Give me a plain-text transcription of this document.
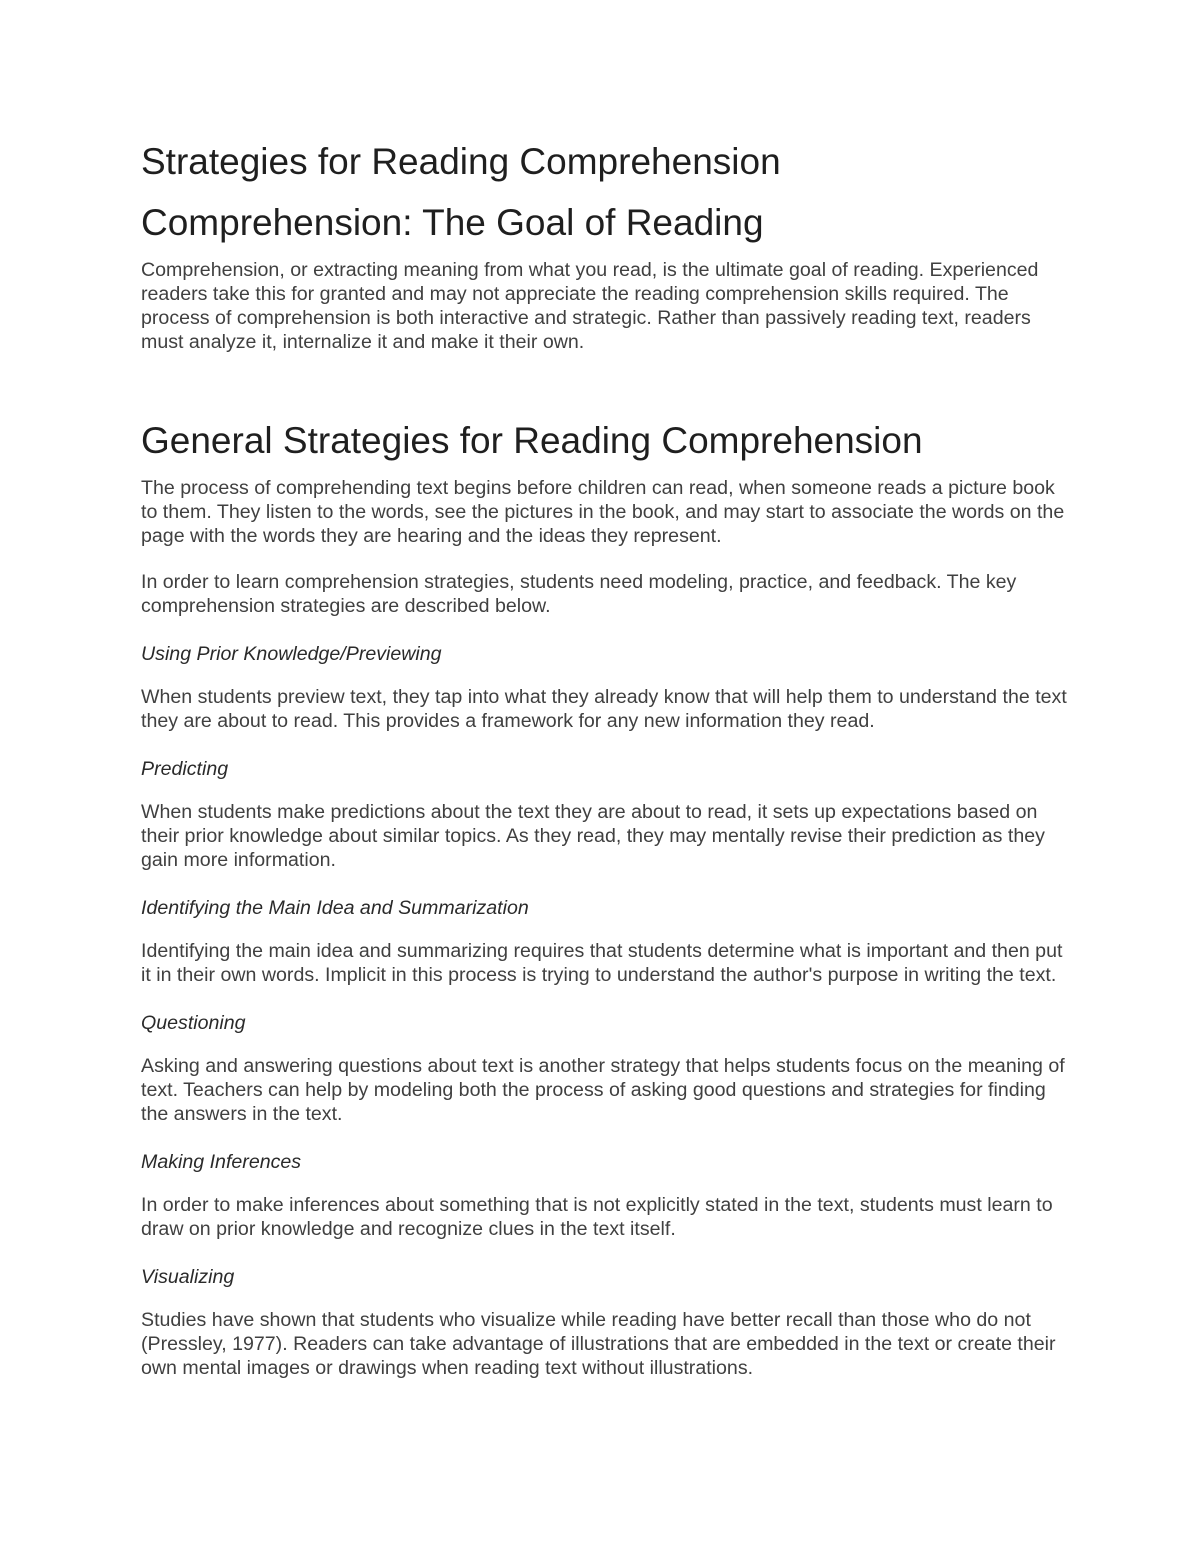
Strategies for Reading Comprehension
Comprehension: The Goal of Reading

Comprehension, or extracting meaning from what you read, is the ultimate goal of reading. Experienced readers take this for granted and may not appreciate the reading comprehension skills required. The process of comprehension is both interactive and strategic. Rather than passively reading text, readers must analyze it, internalize it and make it their own.

General Strategies for Reading Comprehension

The process of comprehending text begins before children can read, when someone reads a picture book to them. They listen to the words, see the pictures in the book, and may start to associate the words on the page with the words they are hearing and the ideas they represent.

In order to learn comprehension strategies, students need modeling, practice, and feedback. The key comprehension strategies are described below.

Using Prior Knowledge/Previewing

When students preview text, they tap into what they already know that will help them to understand the text they are about to read. This provides a framework for any new information they read.

Predicting

When students make predictions about the text they are about to read, it sets up expectations based on their prior knowledge about similar topics. As they read, they may mentally revise their prediction as they gain more information.

Identifying the Main Idea and Summarization

Identifying the main idea and summarizing requires that students determine what is important and then put it in their own words. Implicit in this process is trying to understand the author's purpose in writing the text.

Questioning

Asking and answering questions about text is another strategy that helps students focus on the meaning of text. Teachers can help by modeling both the process of asking good questions and strategies for finding the answers in the text.

Making Inferences

In order to make inferences about something that is not explicitly stated in the text, students must learn to draw on prior knowledge and recognize clues in the text itself.

Visualizing

Studies have shown that students who visualize while reading have better recall than those who do not (Pressley, 1977). Readers can take advantage of illustrations that are embedded in the text or create their own mental images or drawings when reading text without illustrations.
